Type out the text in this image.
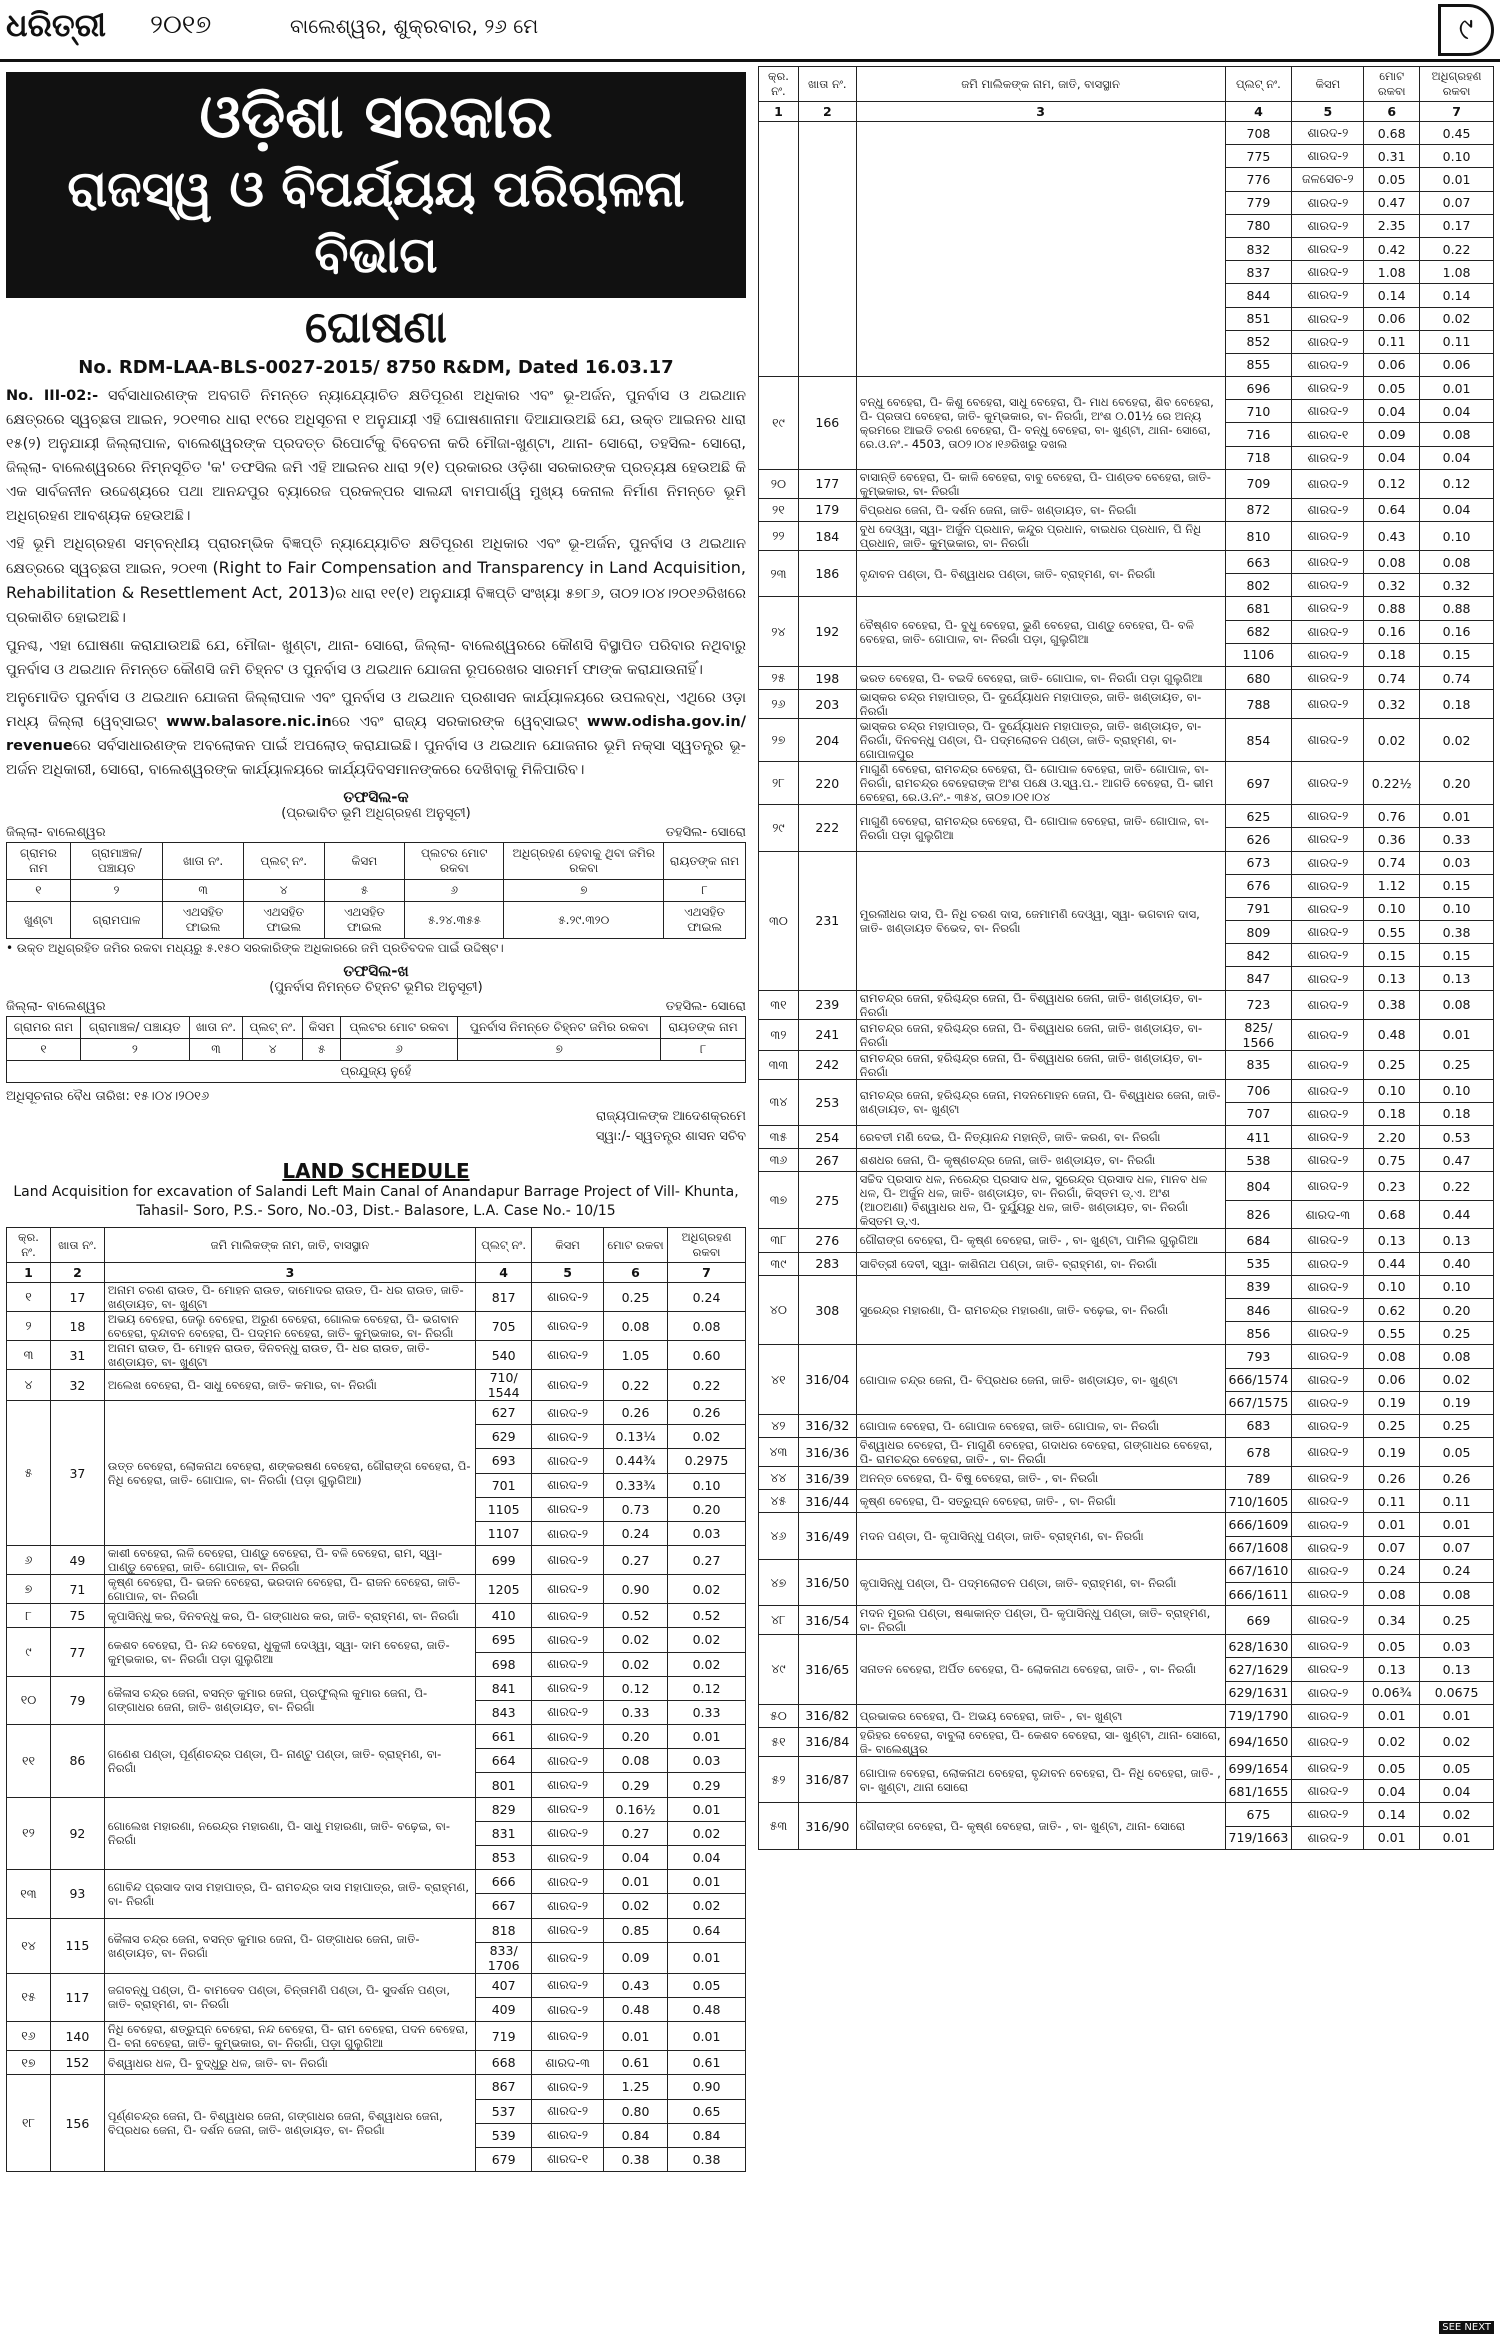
ଧରିତ୍ରୀ ୨୦୧୭	ବାଲେଶ୍ୱର, ଶୁକ୍ରବାର, ୨୬ ମେ	୯
ଓଡ଼ିଶା ସରକାର
ରାଜସ୍ୱ ଓ ବିପର୍ଯ୍ୟୟ ପରିଚାଳନା ବିଭାଗ
ଘୋଷଣା
No. RDM-LAA-BLS-0027-2015/ 8750 R&DM, Dated 16.03.17

No. III-02:- ସର୍ବସାଧାରଣଙ୍କ ଅବଗତି ନିମନ୍ତେ ନ୍ୟାଯ୍ୟୋଚିତ କ୍ଷତିପୂରଣ ଅଧିକାର ଏବଂ ଭୂ-ଅର୍ଜନ, ପୁନର୍ବାସ ଓ ଥଇଥାନ କ୍ଷେତ୍ରରେ ସ୍ୱଚ୍ଛତା ଆଇନ, ୨୦୧୩ର ଧାରା ୧୯ରେ ଅଧିସୂଚନା ୧ ଅନୁଯାୟୀ ଏହି ଘୋଷଣାନାମା ଦିଆଯାଉଅଛି ଯେ, ଉକ୍ତ ଆଇନର ଧାରା ୧୫(୨) ଅନୁଯାୟୀ ଜିଲ୍ଲାପାଳ, ବାଲେଶ୍ୱରଙ୍କ ପ୍ରଦତ୍ତ ରିପୋର୍ଟକୁ ବିବେଚନା କରି ମୌଜା-ଖୁଣ୍ଟା, ଥାନା- ସୋରୋ, ତହସିଲ- ସୋରୋ, ଜିଲ୍ଲା- ବାଲେଶ୍ୱରରେ ନିମ୍ନସୂଚିତ 'କ' ତଫସିଲ ଜମି ଏହି ଆଇନର ଧାରା ୨(୧) ପ୍ରକାରର ଓଡ଼ିଶା ସରକାରଙ୍କ ପ୍ରତ୍ୟକ୍ଷ ହେଉଅଛି କି ଏକ ସାର୍ବଜନୀନ ଉଦ୍ଦେଶ୍ୟରେ ପଥା ଆନନ୍ଦପୁର ବ୍ୟାରେଜ ପ୍ରକଳ୍ପର ସାଲନ୍ଦୀ ବାମପାର୍ଶ୍ୱ ମୁଖ୍ୟ କେନାଲ ନିର୍ମାଣ ନିମନ୍ତେ ଭୂମି ଅଧିଗ୍ରହଣ ଆବଶ୍ୟକ ହେଉଅଛି।

ଏହି ଭୂମି ଅଧିଗ୍ରହଣ ସମ୍ବନ୍ଧୀୟ ପ୍ରାରମ୍ଭିକ ବିଜ୍ଞପ୍ତି ନ୍ୟାଯ୍ୟୋଚିତ କ୍ଷତିପୂରଣ ଅଧିକାର ଏବଂ ଭୂ-ଅର୍ଜନ, ପୁନର୍ବାସ ଓ ଥଇଥାନ କ୍ଷେତ୍ରରେ ସ୍ୱଚ୍ଛତା ଆଇନ, ୨୦୧୩ (Right to Fair Compensation and Transparency in Land Acquisition, Rehabilitation & Resettlement Act, 2013)ର ଧାରା ୧୧(୧) ଅନୁଯାୟୀ ବିଜ୍ଞପ୍ତି ସଂଖ୍ୟା ୫୭୮୬, ତା୦୨।୦୪।୨୦୧୬ରିଖରେ ପ୍ରକାଶିତ ହୋଇଅଛି।

ପୁନଶ୍ଚ, ଏହା ଘୋଷଣା କରାଯାଉଅଛି ଯେ, ମୌଜା- ଖୁଣ୍ଟା, ଥାନା- ସୋରୋ, ଜିଲ୍ଲା- ବାଲେଶ୍ୱରରେ କୌଣସି ବିସ୍ଥାପିତ ପରିବାର ନଥିବାରୁ ପୁନର୍ବାସ ଓ ଥଇଥାନ ନିମନ୍ତେ କୌଣସି ଜମି ଚିହ୍ନଟ ଓ ପୁନର୍ବାସ ଓ ଥଇଥାନ ଯୋଜନା ରୂପରେଖର ସାରମର୍ମ ଫାଙ୍କ କରାଯାଉନାହିଁ।

ଅନୁମୋଦିତ ପୁନର୍ବାସ ଓ ଥଇଥାନ ଯୋଜନା ଜିଲ୍ଲାପାଳ ଏବଂ ପୁନର୍ବାସ ଓ ଥଇଥାନ ପ୍ରଶାସନ କାର୍ଯ୍ୟାଳୟରେ ଉପଲବ୍ଧ, ଏଥିରେ ଓଡ଼ା ମଧ୍ୟ ଜିଲ୍ଲା ୱେବ୍‌ସାଇଟ୍ www.balasore.nic.inରେ ଏବଂ ରାଜ୍ୟ ସରକାରଙ୍କ ୱେବ୍‌ସାଇଟ୍ www.odisha.gov.in/ revenueରେ ସର୍ବସାଧାରଣଙ୍କ ଅବଲୋକନ ପାଇଁ ଅପଲୋଡ୍ କରାଯାଇଛି। ପୁନର୍ବାସ ଓ ଥଇଥାନ ଯୋଜନାର ଭୂମି ନକ୍ସା ସ୍ୱତନ୍ତ୍ର ଭୂ-ଅର୍ଜନ ଅଧିକାରୀ, ସୋରୋ, ବାଲେଶ୍ୱରଙ୍କ କାର୍ଯ୍ୟାଳୟରେ କାର୍ଯ୍ୟଦିବସମାନଙ୍କରେ ଦେଖିବାକୁ ମିଳିପାରିବ।

ତଫସିଲ-କ
(ପ୍ରଭାବିତ ଭୂମି ଅଧିଗ୍ରହଣ ଅନୁସୂଚୀ)
ଜିଲ୍ଲା- ବାଲେଶ୍ୱର	ତହସିଲ- ସୋରୋ
ଗ୍ରାମର ନାମ	ଗ୍ରାମାଞ୍ଚଳ/ ପଞ୍ଚାୟତ	ଖାତା ନଂ.	ପ୍ଲଟ୍ ନଂ.	କିସମ	ପ୍ଲଟର ମୋଟ ରକବା	ଅଧିଗ୍ରହଣ ହେବାକୁ ଥିବା ଜମିର ରକବା	ରାୟତଙ୍କ ନାମ
୧	୨	୩	୪	୫	୬	୭	୮
ଖୁଣ୍ଟା	ଗ୍ରାମପାଳ	ଏଥସହିତ ଫାଇଲ	ଏଥସହିତ ଫାଇଲ	ଏଥସହିତ ଫାଇଲ	୫.୨୪.୩୫୫	୫.୨୯.୩୨୦	ଏଥସହିତ ଫାଇଲ
• ଉକ୍ତ ଅଧିଗ୍ରହିତ ଜମିର ରକବା ମଧ୍ୟରୁ ୫.୧୫୦ ସରକାରିଙ୍କ ଅଧିକାରରେ ଜମି ପ୍ରତିବଦଳ ପାଇଁ ଉଦ୍ଦିଷ୍ଟ।
ତଫସିଲ-ଖ
(ପୁନର୍ବାସ ନିମନ୍ତେ ଚିହ୍ନଟ ଭୂମିର ଅନୁସୂଚୀ)
ଜିଲ୍ଲା- ବାଲେଶ୍ୱର	ତହସିଲ- ସୋରୋ
ଗ୍ରାମର ନାମ	ଗ୍ରାମାଞ୍ଚଳ/ ପଞ୍ଚାୟତ	ଖାତା ନଂ.	ପ୍ଲଟ୍ ନଂ.	କିସମ	ପ୍ଲଟର ମୋଟ ରକବା	ପୁନର୍ବାସ ନିମନ୍ତେ ଚିହ୍ନଟ ଜମିର ରକବା	ରାୟତଙ୍କ ନାମ
୧	୨	୩	୪	୫	୬	୭	୮
ପ୍ରଯୁଜ୍ୟ ନୁହେଁ							
ଅଧିସୂଚନାର ବୈଧ ତାରିଖ: ୧୫।୦୪।୨୦୧୬
ରାଜ୍ୟପାଳଙ୍କ ଆଦେଶକ୍ରମେ
ସ୍ୱା:/- ସ୍ୱତନ୍ତ୍ର ଶାସନ ସଚିବ
LAND SCHEDULE
Land Acquisition for excavation of Salandi Left Main Canal of Anandapur Barrage Project of Vill- Khunta, Tahasil- Soro, P.S.- Soro, No.-03, Dist.- Balasore, L.A. Case No.- 10/15
କ୍ର. ନଂ.	ଖାତା ନଂ.	ଜମି ମାଲିକଙ୍କ ନାମ, ଜାତି, ବାସସ୍ଥାନ	ପ୍ଲଟ୍ ନଂ.	କିସମ	ମୋଟ ରକବା	ଅଧିଗ୍ରହଣ ରକବା
1	2	3	4	5	6	7
୧	17	ଅନାମ ଚରଣ ରାଉତ, ପି- ମୋହନ ରାଉତ, ଦାମୋଦର ରାଉତ, ପି- ଧର ରାଉତ, ଜାତି- ଖଣ୍ଡାୟତ, ବା- ଖୁଣ୍ଟା	817	ଶାରଦ-୨	0.25	0.24
୨	18	ଅଭୟ ବେହେରା, ଜେଲୁ ବେହେରା, ଅରୁଣ ବେହେରା, ଗୋଲକ ବେହେରା, ପି- ଭଗବାନ ବେହେରା, ବୃନ୍ଦାବନ ବେହେରା, ପି- ପଦ୍ମନ ବେହେରା, ଜାତି- କୁମ୍ଭକାର, ବା- ନିରଗାଁ	705	ଶାରଦ-୨	0.08	0.08
୩	31	ଅନାମ ରାଉତ, ପି- ମୋହନ ରାଉତ, ଦିନବନ୍ଧୁ ରାଉତ, ପି- ଧର ରାଉତ, ଜାତି- ଖଣ୍ଡାୟତ, ବା- ଖୁଣ୍ଟା	540	ଶାରଦ-୨	1.05	0.60
୪	32	ଅଲେଖ ବେହେରା, ପି- ସାଧୁ ବେହେରା, ଜାତି- କମାର, ବା- ନିରଗାଁ	710/ 1544	ଶାରଦ-୨	0.22	0.22
୫	37	ଉତ୍ତ ବେହେରା, ଲୋକନାଥ ବେହେରା, ଶଙ୍କରଷଣ ବେହେରା, ଗୌରାଙ୍ଗ ବେହେରା, ପି- ନିଧି ବେହେରା, ଜାତି- ଗୋପାଳ, ବା- ନିରଗାଁ (ପଡ଼ା ଗୁଲୁଗିଆ)	627	ଶାରଦ-୨	0.26	0.26
			629	ଶାରଦ-୨	0.13¼	0.02
			693	ଶାରଦ-୨	0.44¾	0.2975
			701	ଶାରଦ-୨	0.33¾	0.10
			1105	ଶାରଦ-୨	0.73	0.20
			1107	ଶାରଦ-୨	0.24	0.03
୬	49	କାଶୀ ବେହେରା, ଲଳି ବେହେରା, ପାଣ୍ଡୁ ବେହେରା, ପି- ବଳି ବେହେରା, ରାମ, ସ୍ୱା- ପାଣ୍ଡୁ ବେହେରା, ଜାତି- ଗୋପାଳ, ବା- ନିରଗାଁ	699	ଶାରଦ-୨	0.27	0.27
୭	71	କୃଷ୍ଣ ବେହେରା, ପି- ଭଜନ ବେହେରା, ଭରଦାନ ବେହେରା, ପି- ରାଜନ ବେହେରା, ଜାତି- ଗୋପାଳ, ବା- ନିରଗାଁ	1205	ଶାରଦ-୨	0.90	0.02
୮	75	କୃପାସିନ୍ଧୁ କର, ଦିନବନ୍ଧୁ କର, ପି- ଗଙ୍ଗାଧର କର, ଜାତି- ବ୍ରାହ୍ମଣ, ବା- ନିରଗାଁ	410	ଶାରଦ-୨	0.52	0.52
୯	77	କେଶବ ବେହେରା, ପି- ନନ୍ଦ ବେହେରା, ଧୁକୁଳୀ ଦେଓ୍ୱା, ସ୍ୱା- ଦାମ ବେହେରା, ଜାତି- କୁମ୍ଭକାର, ବା- ନିରଗାଁ ପଡ଼ା ଗୁଲୁଗିଆ	695	ଶାରଦ-୨	0.02	0.02
			698	ଶାରଦ-୨	0.02	0.02
୧୦	79	କୈଳାସ ଚନ୍ଦ୍ର ଜେନା, ବସନ୍ତ କୁମାର ଜେନା, ପ୍ରଫୁଲ୍ଲ କୁମାର ଜେନା, ପି- ଗଙ୍ଗାଧର ଜେନା, ଜାତି- ଖଣ୍ଡାୟତ, ବା- ନିରଗାଁ	841	ଶାରଦ-୨	0.12	0.12
			843	ଶାରଦ-୨	0.33	0.33
୧୧	86	ଗଣେଶ ପଣ୍ଡା, ପୂର୍ଣ୍ଣଚନ୍ଦ୍ର ପଣ୍ଡା, ପି- ନାଣ୍ଟୁ ପଣ୍ଡା, ଜାତି- ବ୍ରାହ୍ମଣ, ବା- ନିରଗାଁ	661	ଶାରଦ-୨	0.20	0.01
			664	ଶାରଦ-୨	0.08	0.03
			801	ଶାରଦ-୨	0.29	0.29
୧୨	92	ଗୋଲେଖ ମହାରଣା, ନରେନ୍ଦ୍ର ମହାରଣା, ପି- ସାଧୁ ମହାରଣା, ଜାତି- ବଢ଼େଇ, ବା- ନିରଗାଁ	829	ଶାରଦ-୨	0.16½	0.01
			831	ଶାରଦ-୨	0.27	0.02
			853	ଶାରଦ-୨	0.04	0.04
୧୩	93	ଗୋବିନ୍ଦ ପ୍ରସାଦ ଦାସ ମହାପାତ୍ର, ପି- ରାମଚନ୍ଦ୍ର ଦାସ ମହାପାତ୍ର, ଜାତି- ବ୍ରାହ୍ମଣ, ବା- ନିରଗାଁ	666	ଶାରଦ-୨	0.01	0.01
			667	ଶାରଦ-୨	0.02	0.02
୧୪	115	କୈଳାସ ଚନ୍ଦ୍ର ଜେନା, ବସନ୍ତ କୁମାର ଜେନା, ପି- ଗଙ୍ଗାଧର ଜେନା, ଜାତି- ଖଣ୍ଡାୟତ, ବା- ନିରଗାଁ	818	ଶାରଦ-୨	0.85	0.64
			833/ 1706	ଶାରଦ-୨	0.09	0.01
୧୫	117	ଜଗବନ୍ଧୁ ପଣ୍ଡା, ପି- ବାମଦେବ ପଣ୍ଡା, ଚିନ୍ତାମଣି ପଣ୍ଡା, ପି- ସୁଦର୍ଶନ ପଣ୍ଡା, ଜାତି- ବ୍ରାହ୍ମଣ, ବା- ନିରଗାଁ	407	ଶାରଦ-୨	0.43	0.05
			409	ଶାରଦ-୨	0.48	0.48
୧୬	140	ନିଧି ବେହେରା, ଶତ୍ରୁଘ୍ନ ବେହେରା, ନନ୍ଦ ବେହେରା, ପି- ରାମ ବେହେରା, ପଦନ ବେହେରା, ପି- ବନା ବେହେରା, ଜାତି- କୁମ୍ଭକାର, ବା- ନିରଗାଁ, ପଡ଼ା ଗୁଲୁଗିଆ	719	ଶାରଦ-୨	0.01	0.01
୧୭	152	ବିଶ୍ୱାଧର ଧଳ, ପି- ବୁଦ୍ଧୁରୁ ଧଳ, ଜାତି- ବା- ନିରଗାଁ	668	ଶାରଦ-୩	0.61	0.61
୧୮	156	ପୂର୍ଣ୍ଣଚନ୍ଦ୍ର ଜେନା, ପି- ବିଶ୍ୱାଧର ଜେନା, ଗଙ୍ଗାଧର ଜେନା, ବିଶ୍ୱାଧର ଜେନା, ବିପ୍ରଧର ଜେନା, ପି- ଦର୍ଶନ ଜେନା, ଜାତି- ଖଣ୍ଡାୟତ, ବା- ନିରଗାଁ	867	ଶାରଦ-୨	1.25	0.90
			537	ଶାରଦ-୨	0.80	0.65
			539	ଶାରଦ-୨	0.84	0.84
			679	ଶାରଦ-୧	0.38	0.38
କ୍ର. ନଂ.	ଖାତା ନଂ.	ଜମି ମାଲିକଙ୍କ ନାମ, ଜାତି, ବାସସ୍ଥାନ	ପ୍ଲଟ୍ ନଂ.	କିସମ	ମୋଟ ରକବା	ଅଧିଗ୍ରହଣ ରକବା
1	2	3	4	5	6	7
			708	ଶାରଦ-୨	0.68	0.45
			775	ଶାରଦ-୨	0.31	0.10
			776	ଜଳସେଚ-୨	0.05	0.01
			779	ଶାରଦ-୨	0.47	0.07
			780	ଶାରଦ-୨	2.35	0.17
			832	ଶାରଦ-୨	0.42	0.22
			837	ଶାରଦ-୨	1.08	1.08
			844	ଶାରଦ-୨	0.14	0.14
			851	ଶାରଦ-୨	0.06	0.02
			852	ଶାରଦ-୨	0.11	0.11
			855	ଶାରଦ-୨	0.06	0.06
୧୯	166	ବନ୍ଧୁ ବେହେରା, ପି- କିଶୁ ବେହେରା, ସାଧୁ ବେହେରା, ପି- ମାଧ ବେହେରା, ଶିବ ବେହେରା, ପି- ପ୍ରତାପ ବେହେରା, ଜାତି- କୁମ୍ଭକାର, ବା- ନିରଗାଁ, ଅଂଶ ୦.01½ ରେ ଅନ୍ୟ କ୍ରମରେ ଆଇଡି ଚରଣ ବେହେରା, ପି- ବନ୍ଧୁ ବେହେରା, ବା- ଖୁଣ୍ଟା, ଥାନା- ସୋରୋ, ରେ.ଓ.ନଂ.- 4503, ତା୦୨।୦୪।୧୬ରିଖରୁ ଦଖଲ	696	ଶାରଦ-୨	0.05	0.01
			710	ଶାରଦ-୨	0.04	0.04
			716	ଶାରଦ-୧	0.09	0.08
			718	ଶାରଦ-୨	0.04	0.04
୨୦	177	ବାସାନ୍ତି ବେହେରା, ପି- କାଳି ବେହେରା, ବାବୁ ବେହେରା, ପି- ପାଣ୍ଡବ ବେହେରା, ଜାତି- କୁମ୍ଭକାର, ବା- ନିରଗାଁ	709	ଶାରଦ-୨	0.12	0.12
୨୧	179	ବିପ୍ରଧର ଜେନା, ପି- ଦର୍ଶନ ଜେନା, ଜାତି- ଖଣ୍ଡାୟତ, ବା- ନିରଗାଁ	872	ଶାରଦ-୨	0.64	0.04
୨୨	184	ବୁଧ ଦେଓ୍ୱା, ସ୍ୱା- ଅର୍ଜୁନ ପ୍ରଧାନ, କନ୍ଦୁର ପ୍ରଧାନ, ବାଇଧର ପ୍ରଧାନ, ପି ନିଧି ପ୍ରଧାନ, ଜାତି- କୁମ୍ଭକାର, ବା- ନିରଗାଁ	810	ଶାରଦ-୨	0.43	0.10
୨୩	186	ବୃନ୍ଦାବନ ପଣ୍ଡା, ପି- ବିଶ୍ୱାଧର ପଣ୍ଡା, ଜାତି- ବ୍ରାହ୍ମଣ, ବା- ନିରଗାଁ	663	ଶାରଦ-୨	0.08	0.08
			802	ଶାରଦ-୨	0.32	0.32
୨୪	192	ବୈଷ୍ଣବ ବେହେରା, ପି- ବୁଧୁ ବେହେରା, ଭୁଣି ବେହେରା, ପାଣ୍ଡୁ ବେହେରା, ପି- ବଳି ବେହେରା, ଜାତି- ଗୋପାଳ, ବା- ନିରଗାଁ ପଡ଼ା, ଗୁଲୁଗିଆ	681	ଶାରଦ-୨	0.88	0.88
			682	ଶାରଦ-୨	0.16	0.16
			1106	ଶାରଦ-୨	0.18	0.15
୨୫	198	ଭରତ ବେହେରା, ପି- ବଇଦି ବେହେରା, ଜାତି- ଗୋପାଳ, ବା- ନିରଗାଁ ପଡ଼ା ଗୁଲୁଗିଆ	680	ଶାରଦ-୨	0.74	0.74
୨୬	203	ଭାସ୍କର ଚନ୍ଦ୍ର ମହାପାତ୍ର, ପି- ଦୁର୍ଯ୍ୟୋଧନ ମହାପାତ୍ର, ଜାତି- ଖଣ୍ଡାୟତ, ବା- ନିରଗାଁ	788	ଶାରଦ-୨	0.32	0.18
୨୭	204	ଭାସ୍କର ଚନ୍ଦ୍ର ମହାପାତ୍ର, ପି- ଦୁର୍ଯ୍ୟୋଧନ ମହାପାତ୍ର, ଜାତି- ଖଣ୍ଡାୟତ, ବା- ନିରଗାଁ, ଦିନବନ୍ଧୁ ପଣ୍ଡା, ପି- ପଦ୍ମଲୋଚନ ପଣ୍ଡା, ଜାତି- ବ୍ରାହ୍ମଣ, ବା- ଗୋପାଳପୁର	854	ଶାରଦ-୨	0.02	0.02
୨୮	220	ମାଗୁଣି ବେହେରା, ରାମଚନ୍ଦ୍ର ବେହେରା, ପି- ଗୋପାଳ ବେହେରା, ଜାତି- ଗୋପାଳ, ବା- ନିରଗାଁ, ରାମଚନ୍ଦ୍ର ବେହେରାଙ୍କ ଅଂଶ ପକ୍ଷେ ଓ.ସ୍ୱ.ପ.- ଆଗଡି ବେହେରା, ପି- ଭୀମ ବେହେରା, ରେ.ଓ.ନଂ.- ୩୫୪, ତା୦୭।୦୧।୦୪	697	ଶାରଦ-୨	0.22½	0.20
୨୯	222	ମାଗୁଣି ବେହେରା, ରାମଚନ୍ଦ୍ର ବେହେରା, ପି- ଗୋପାଳ ବେହେରା, ଜାତି- ଗୋପାଳ, ବା- ନିରଗାଁ ପଡ଼ା ଗୁଲୁଗିଆ	625	ଶାରଦ-୨	0.76	0.01
			626	ଶାରଦ-୨	0.36	0.33
୩୦	231	ମୁରଲୀଧର ଦାସ, ପି- ନିଧି ଚରଣ ଦାସ, ଜେମାମଣି ଦେଓ୍ୱା, ସ୍ୱା- ଭଗବାନ ଦାସ, ଜାତି- ଖଣ୍ଡାୟତ ବିଭେଦ, ବା- ନିରଗାଁ	673	ଶାରଦ-୨	0.74	0.03
			676	ଶାରଦ-୨	1.12	0.15
			791	ଶାରଦ-୨	0.10	0.10
			809	ଶାରଦ-୨	0.55	0.38
			842	ଶାରଦ-୨	0.15	0.15
			847	ଶାରଦ-୨	0.13	0.13
୩୧	239	ରାମଚନ୍ଦ୍ର ଜେନା, ହରିଶ୍ଚନ୍ଦ୍ର ଜେନା, ପି- ବିଶ୍ୱାଧର ଜେନା, ଜାତି- ଖଣ୍ଡାୟତ, ବା- ନିରଗାଁ	723	ଶାରଦ-୨	0.38	0.08
୩୨	241	ରାମଚନ୍ଦ୍ର ଜେନା, ହରିଶ୍ଚନ୍ଦ୍ର ଜେନା, ପି- ବିଶ୍ୱାଧର ଜେନା, ଜାତି- ଖଣ୍ଡାୟତ, ବା- ନିରଗାଁ	825/ 1566	ଶାରଦ-୨	0.48	0.01
୩୩	242	ରାମଚନ୍ଦ୍ର ଜେନା, ହରିଶ୍ଚନ୍ଦ୍ର ଜେନା, ପି- ବିଶ୍ୱାଧର ଜେନା, ଜାତି- ଖଣ୍ଡାୟତ, ବା- ନିରଗାଁ	835	ଶାରଦ-୨	0.25	0.25
୩୪	253	ରାମଚନ୍ଦ୍ର ଜେନା, ହରିଶ୍ଚନ୍ଦ୍ର ଜେନା, ମଦନମୋହନ ଜେନା, ପି- ବିଶ୍ୱାଧର ଜେନା, ଜାତି- ଖଣ୍ଡାୟତ, ବା- ଖୁଣ୍ଟା	706	ଶାରଦ-୨	0.10	0.10
			707	ଶାରଦ-୨	0.18	0.18
୩୫	254	ରେବତୀ ମଣି ଦେଇ, ପି- ନିତ୍ୟାନନ୍ଦ ମହାନ୍ତି, ଜାତି- କରଣ, ବା- ନିରଗାଁ	411	ଶାରଦ-୨	2.20	0.53
୩୬	267	ଶଶଧର ଜେନା, ପି- କୃଷ୍ଣଚନ୍ଦ୍ର ଜେନା, ଜାତି- ଖଣ୍ଡାୟତ, ବା- ନିରଗାଁ	538	ଶାରଦ-୨	0.75	0.47
୩୭	275	ସଚ୍ଚିଦ ପ୍ରସାଦ ଧଳ, ନରେନ୍ଦ୍ର ପ୍ରସାଦ ଧଳ, ସୁରେନ୍ଦ୍ର ପ୍ରସାଦ ଧଳ, ମାନବ ଧଳ ଧଳ, ପି- ଅର୍ଜୁନ ଧଳ, ଜାତି- ଖଣ୍ଡାୟତ, ବା- ନିରଗାଁ, କିସ୍ତମ ଡ୍.ଏ. ଅଂଶ (ଆଠଅଣା) ବିଶ୍ୱାଧର ଧଳ, ପି- ଦୁର୍ଯ୍ୟୁରୁ ଧଳ, ଜାତି- ଖଣ୍ଡାୟତ, ବା- ନିରଗାଁ କିସ୍ତମ ଡ୍.ଏ.	804	ଶାରଦ-୨	0.23	0.22
			826	ଶାରଦ-୩	0.68	0.44
୩୮	276	ଗୌରାଙ୍ଗ ବେହେରା, ପି- କୃଷ୍ଣ ବେହେରା, ଜାତି- , ବା- ଖୁଣ୍ଟା, ପାମିଲ ଗୁଲୁଗିଆ	684	ଶାରଦ-୨	0.13	0.13
୩୯	283	ସାବିତ୍ରୀ ଦେବୀ, ସ୍ୱା- କାଶିନାଥ ପଣ୍ଡା, ଜାତି- ବ୍ରାହ୍ମଣ, ବା- ନିରଗାଁ	535	ଶାରଦ-୨	0.44	0.40
୪୦	308	ସୁରେନ୍ଦ୍ର ମହାରଣା, ପି- ରାମଚନ୍ଦ୍ର ମହାରଣା, ଜାତି- ବଢ଼େଇ, ବା- ନିରଗାଁ	839	ଶାରଦ-୨	0.10	0.10
			846	ଶାରଦ-୨	0.62	0.20
			856	ଶାରଦ-୨	0.55	0.25
୪୧	316/04	ଗୋପାଳ ଚନ୍ଦ୍ର ଜେନା, ପି- ବିପ୍ରଧର ଜେନା, ଜାତି- ଖଣ୍ଡାୟତ, ବା- ଖୁଣ୍ଟା	793	ଶାରଦ-୨	0.08	0.08
			666/1574	ଶାରଦ-୨	0.06	0.02
			667/1575	ଶାରଦ-୨	0.19	0.19
୪୨	316/32	ଗୋପାଳ ବେହେରା, ପି- ଗୋପାଳ ବେହେରା, ଜାତି- ଗୋପାଳ, ବା- ନିରଗାଁ	683	ଶାରଦ-୨	0.25	0.25
୪୩	316/36	ବିଶ୍ୱାଧର ବେହେରା, ପି- ମାଗୁଣି ବେହେରା, ଗଦାଧର ବେହେରା, ଗଙ୍ଗାଧର ବେହେରା, ପି- ରାମଚନ୍ଦ୍ର ବେହେରା, ଜାତି- , ବା- ନିରଗାଁ	678	ଶାରଦ-୨	0.19	0.05
୪୪	316/39	ଅନନ୍ତ ବେହେରା, ପି- ବିଷୁ ବେହେରା, ଜାତି- , ବା- ନିରଗାଁ	789	ଶାରଦ-୨	0.26	0.26
୪୫	316/44	କୃଷ୍ଣ ବେହେରା, ପି- ସତ୍ରୁଘ୍ନ ବେହେରା, ଜାତି- , ବା- ନିରଗାଁ	710/1605	ଶାରଦ-୨	0.11	0.11
୪୬	316/49	ମଦନ ପଣ୍ଡା, ପି- କୃପାସିନ୍ଧୁ ପଣ୍ଡା, ଜାତି- ବ୍ରାହ୍ମଣ, ବା- ନିରଗାଁ	666/1609	ଶାରଦ-୨	0.01	0.01
			667/1608	ଶାରଦ-୨	0.07	0.07
୪୭	316/50	କୃପାସିନ୍ଧୁ ପଣ୍ଡା, ପି- ପଦ୍ମଲୋଚନ ପଣ୍ଡା, ଜାତି- ବ୍ରାହ୍ମଣ, ବା- ନିରଗାଁ	667/1610	ଶାରଦ-୨	0.24	0.24
			666/1611	ଶାରଦ-୨	0.08	0.08
୪୮	316/54	ମଦନ ମୁରଲ ପଣ୍ଡା, ଷଣ୍ଢାକାନ୍ତ ପଣ୍ଡା, ପି- କୃପାସିନ୍ଧୁ ପଣ୍ଡା, ଜାତି- ବ୍ରାହ୍ମଣ, ବା- ନିରଗାଁ	669	ଶାରଦ-୨	0.34	0.25
୪୯	316/65	ସନାତନ ବେହେରା, ଅର୍ପିତ ବେହେରା, ପି- ଲୋକନାଥ ବେହେରା, ଜାତି- , ବା- ନିରଗାଁ	628/1630	ଶାରଦ-୨	0.05	0.03
			627/1629	ଶାରଦ-୨	0.13	0.13
			629/1631	ଶାରଦ-୨	0.06¾	0.0675
୫୦	316/82	ପ୍ରଭାକର ବେହେରା, ପି- ଅଭୟ ବେହେରା, ଜାତି- , ବା- ଖୁଣ୍ଟା	719/1790	ଶାରଦ-୨	0.01	0.01
୫୧	316/84	ହରିହର ବେହେରା, ବାବୁଲା ବେହେରା, ପି- କେଶବ ବେହେରା, ସା- ଖୁଣ୍ଟା, ଥାନା- ସୋରୋ, ଜି- ବାଲେଶ୍ୱର	694/1650	ଶାରଦ-୨	0.02	0.02
୫୨	316/87	ଗୋପାଳ ବେହେରା, ଲୋକନାଥ ବେହେରା, ବୃନ୍ଦାବନ ବେହେରା, ପି- ନିଧି ବେହେରା, ଜାତି- , ବା- ଖୁଣ୍ଟା, ଥାନା ସୋରୋ	699/1654	ଶାରଦ-୨	0.05	0.05
			681/1655	ଶାରଦ-୨	0.04	0.04
୫୩	316/90	ଗୌରାଙ୍ଗ ବେହେରା, ପି- କୃଷ୍ଣ ବେହେରା, ଜାତି- , ବା- ଖୁଣ୍ଟା, ଥାନା- ସୋରୋ	675	ଶାରଦ-୨	0.14	0.02
			719/1663	ଶାରଦ-୨	0.01	0.01
SEE NEXT
